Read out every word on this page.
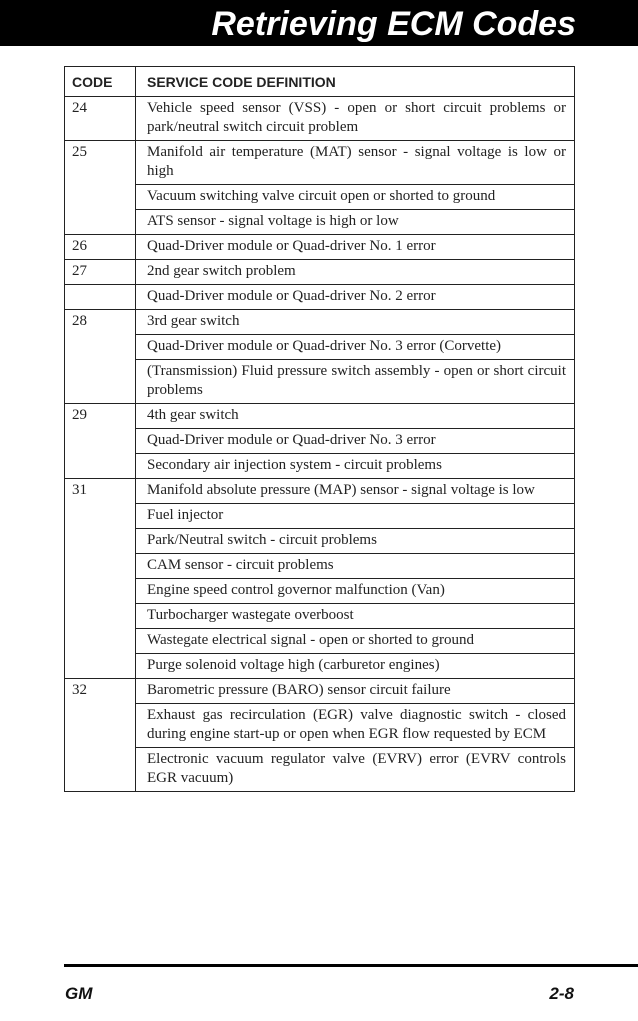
Retrieving ECM Codes
CODE	SERVICE CODE DEFINITION
24	Vehicle speed sensor (VSS) - open or short circuit problems or park/neutral switch circuit problem
25	Manifold air temperature (MAT) sensor - signal voltage is low or high
	Vacuum switching valve circuit open or shorted to ground
	ATS sensor - signal voltage is high or low
26	Quad-Driver module or Quad-driver No. 1 error
27	2nd gear switch problem
	Quad-Driver module or Quad-driver No. 2 error
28	3rd gear switch
	Quad-Driver module or Quad-driver No. 3 error (Corvette)
	(Transmission) Fluid pressure switch assembly - open or short circuit problems
29	4th gear switch
	Quad-Driver module or Quad-driver No. 3 error
	Secondary air injection system - circuit problems
31	Manifold absolute pressure (MAP) sensor - signal voltage is low
	Fuel injector
	Park/Neutral switch - circuit problems
	CAM sensor - circuit problems
	Engine speed control governor malfunction (Van)
	Turbocharger wastegate overboost
	Wastegate electrical signal - open or shorted to ground
	Purge solenoid voltage high (carburetor engines)
32	Barometric pressure (BARO) sensor circuit failure
	Exhaust gas recirculation (EGR) valve diagnostic switch - closed during engine start-up or open when EGR flow requested by ECM
	Electronic vacuum regulator valve (EVRV) error (EVRV controls EGR vacuum)
GM	2-8
